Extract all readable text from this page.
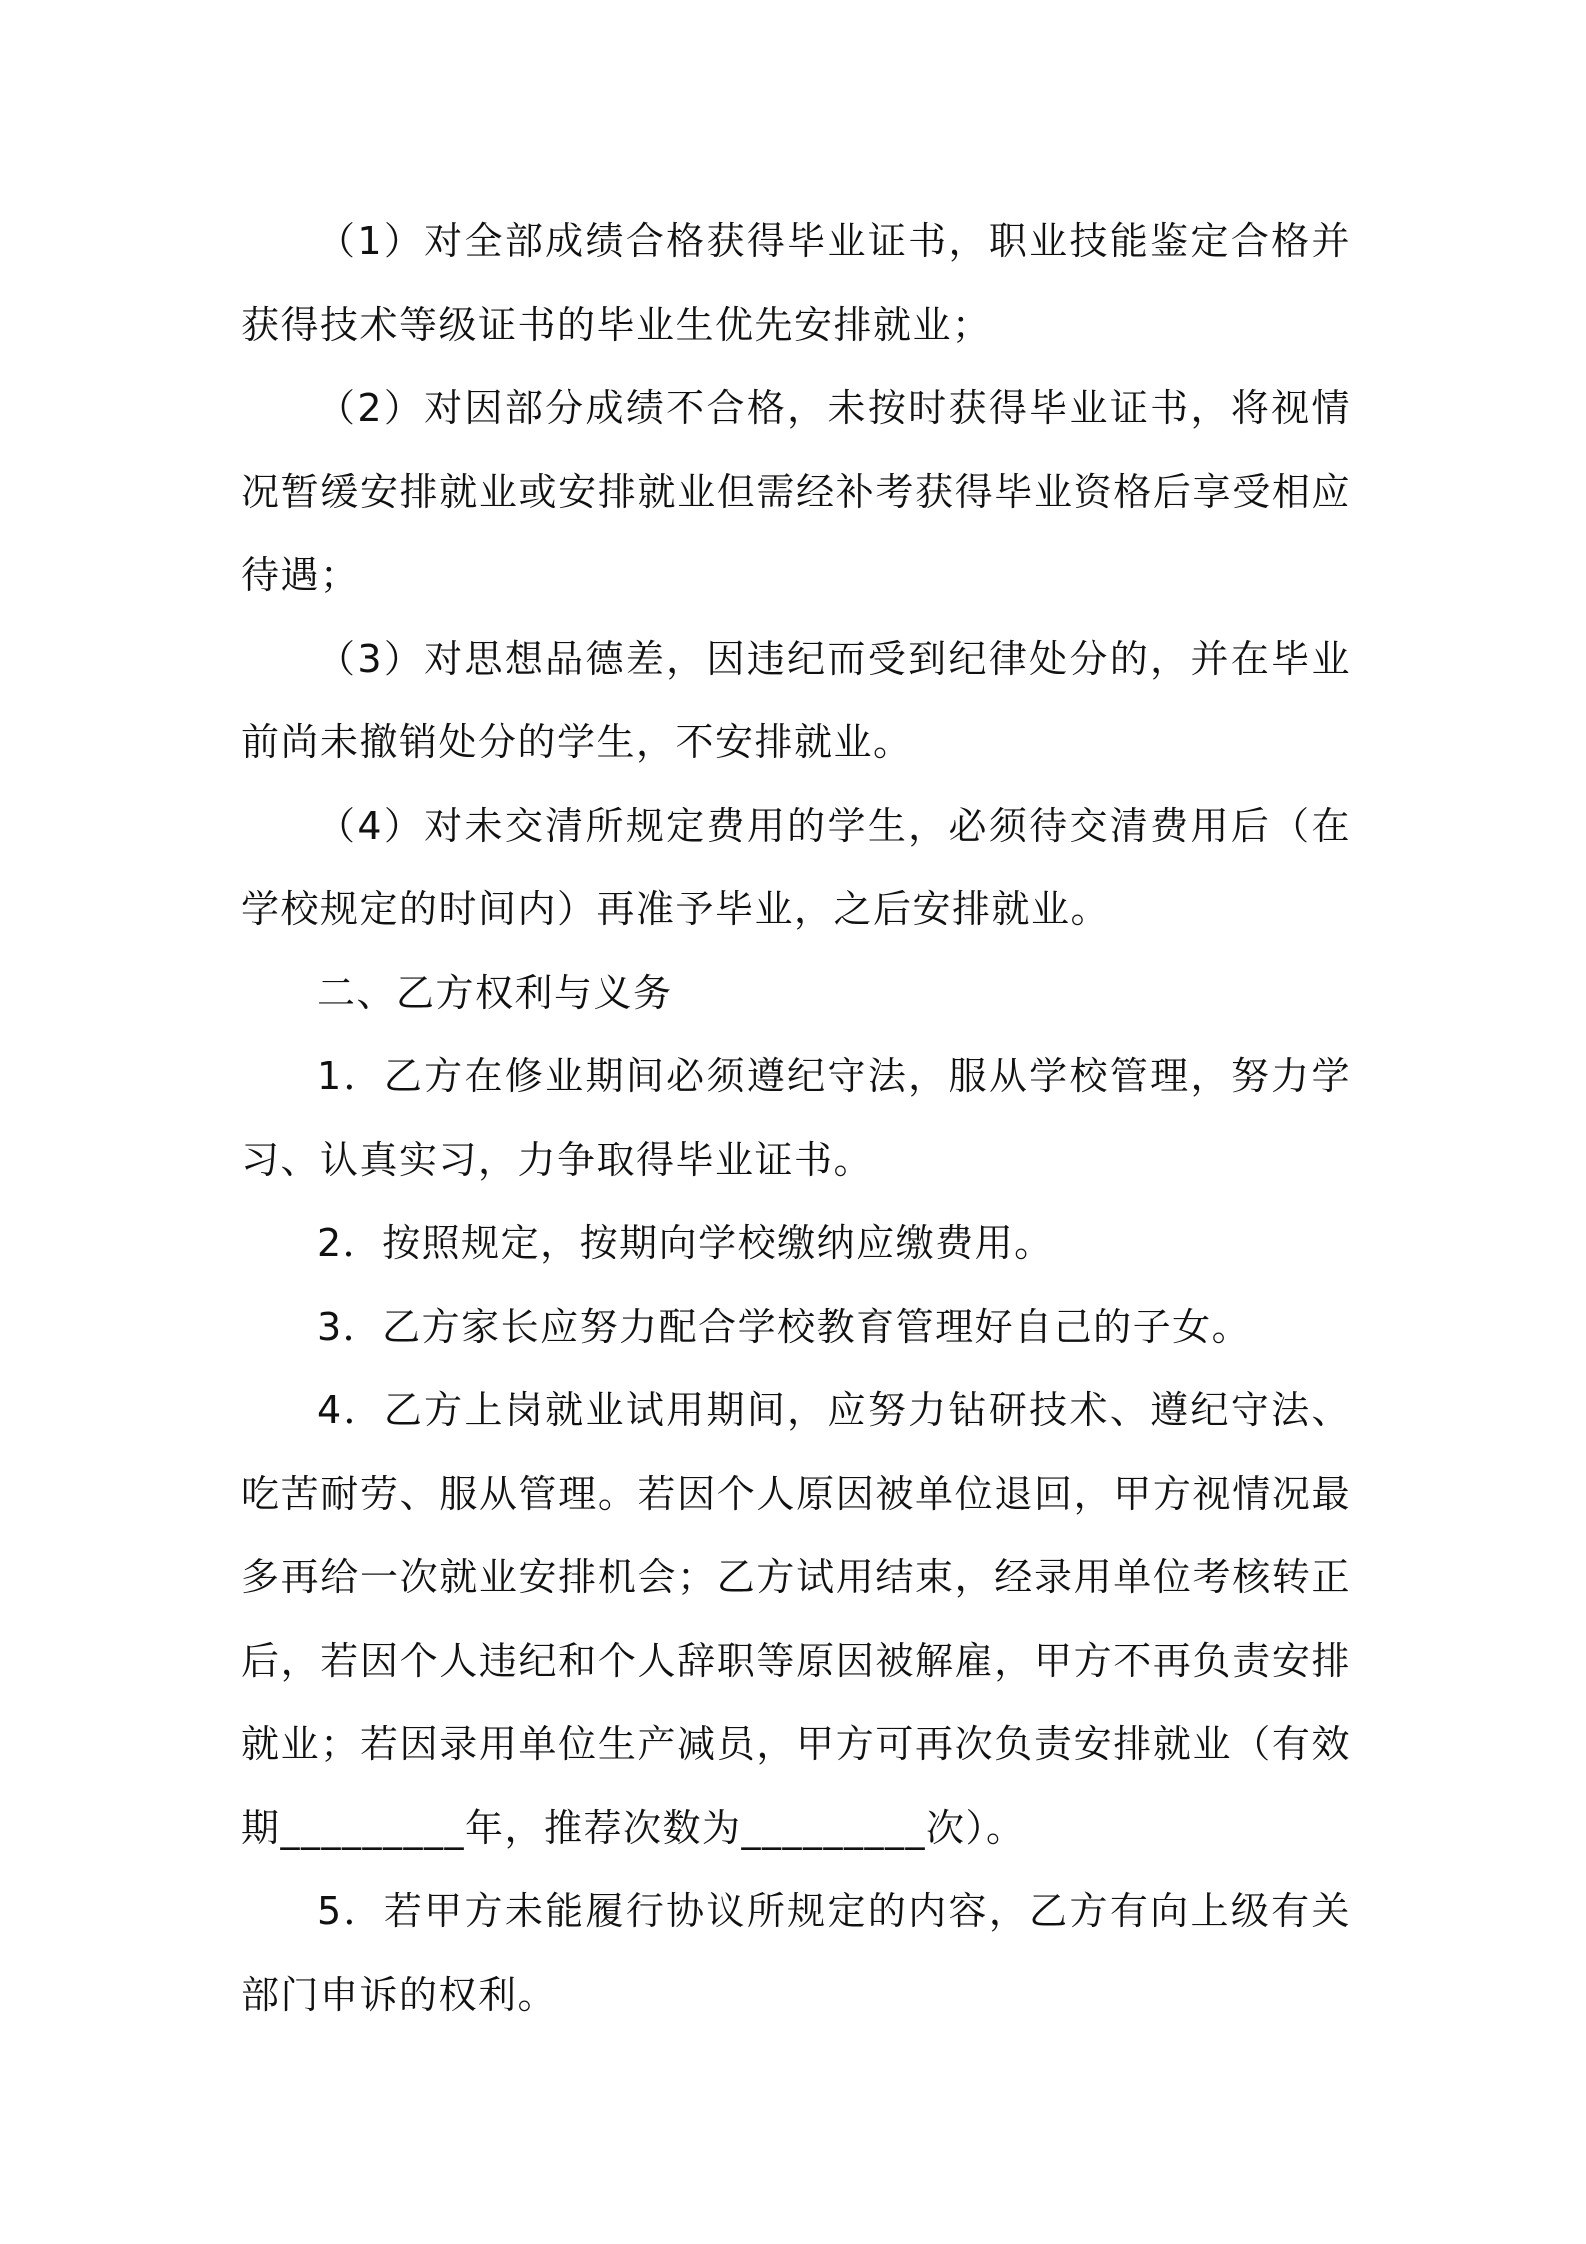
（1）对全部成绩合格获得毕业证书，职业技能鉴定合格并获得技术等级证书的毕业生优先安排就业；

（2）对因部分成绩不合格，未按时获得毕业证书，将视情况暂缓安排就业或安排就业但需经补考获得毕业资格后享受相应待遇；

（3）对思想品德差，因违纪而受到纪律处分的，并在毕业前尚未撤销处分的学生，不安排就业。

（4）对未交清所规定费用的学生，必须待交清费用后（在学校规定的时间内）再准予毕业，之后安排就业。

二、乙方权利与义务

1．乙方在修业期间必须遵纪守法，服从学校管理，努力学习、认真实习，力争取得毕业证书。

2．按照规定，按期向学校缴纳应缴费用。

3．乙方家长应努力配合学校教育管理好自己的子女。

4．乙方上岗就业试用期间，应努力钻研技术、遵纪守法、吃苦耐劳、服从管理。若因个人原因被单位退回，甲方视情况最多再给一次就业安排机会；乙方试用结束，经录用单位考核转正后，若因个人违纪和个人辞职等原因被解雇，甲方不再负责安排就业；若因录用单位生产减员，甲方可再次负责安排就业（有效期_________年，推荐次数为_________次）。

5．若甲方未能履行协议所规定的内容，乙方有向上级有关部门申诉的权利。
